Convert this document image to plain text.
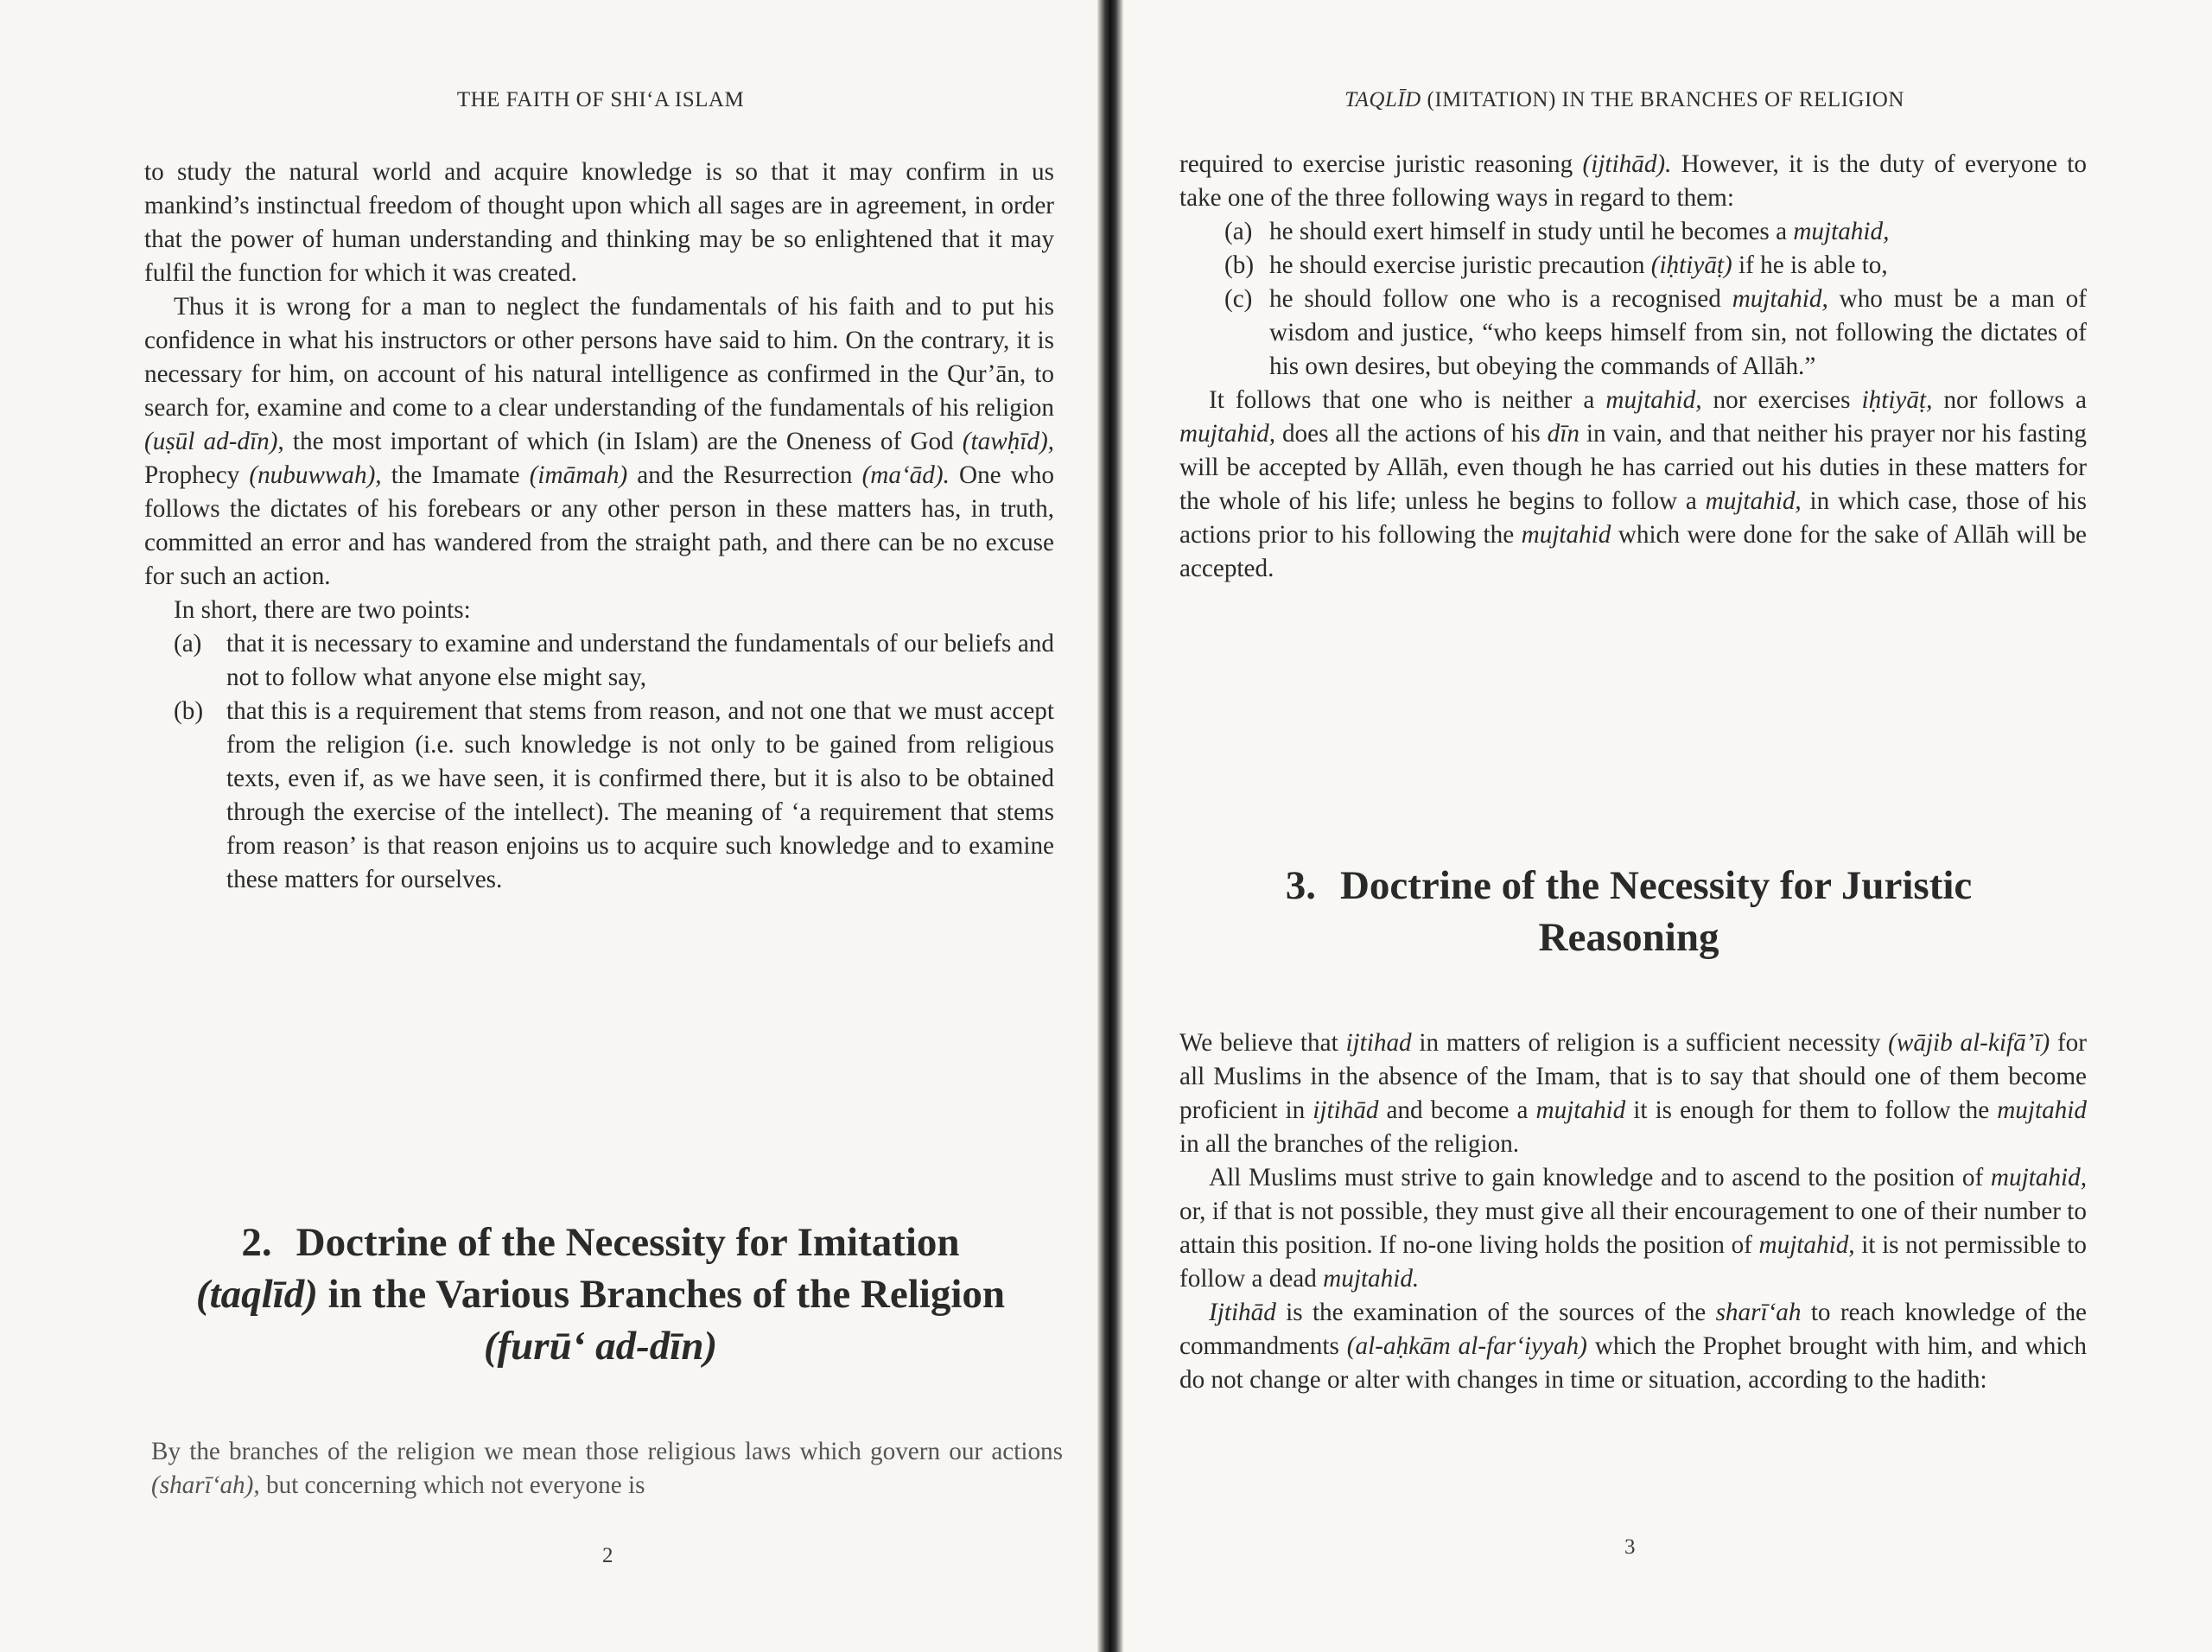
THE FAITH OF SHI‘A ISLAM

to study the natural world and acquire knowledge is so that it may confirm in us mankind’s instinctual freedom of thought upon which all sages are in agreement, in order that the power of human understanding and thinking may be so enlightened that it may fulfil the function for which it was created.

Thus it is wrong for a man to neglect the fundamentals of his faith and to put his confidence in what his instructors or other persons have said to him. On the contrary, it is necessary for him, on account of his natural intelligence as confirmed in the Qur’ān, to search for, examine and come to a clear understanding of the fundamentals of his religion (uṣūl ad-dīn), the most important of which (in Islam) are the Oneness of God (tawḥīd), Prophecy (nubuwwah), the Imamate (imāmah) and the Resurrection (ma‘ād). One who follows the dictates of his forebears or any other person in these matters has, in truth, committed an error and has wandered from the straight path, and there can be no excuse for such an action.

In short, there are two points:

(a) that it is necessary to examine and understand the fundamentals of our beliefs and not to follow what anyone else might say,
(b) that this is a requirement that stems from reason, and not one that we must accept from the religion (i.e. such knowledge is not only to be gained from religious texts, even if, as we have seen, it is confirmed there, but it is also to be obtained through the exercise of the intellect). The meaning of ‘a requirement that stems from reason’ is that reason enjoins us to acquire such knowledge and to examine these matters for ourselves.
2. Doctrine of the Necessity for Imitation
(taqlīd) in the Various Branches of the Religion
(furū‘ ad-dīn)

By the branches of the religion we mean those religious laws which govern our actions (sharī‘ah), but concerning which not everyone is

2
TAQLĪD (IMITATION) IN THE BRANCHES OF RELIGION

required to exercise juristic reasoning (ijtihād). However, it is the duty of everyone to take one of the three following ways in regard to them:

(a) he should exert himself in study until he becomes a mujtahid,
(b) he should exercise juristic precaution (iḥtiyāṭ) if he is able to,
(c) he should follow one who is a recognised mujtahid, who must be a man of wisdom and justice, “who keeps himself from sin, not following the dictates of his own desires, but obeying the commands of Allāh.”

It follows that one who is neither a mujtahid, nor exercises iḥtiyāṭ, nor follows a mujtahid, does all the actions of his dīn in vain, and that neither his prayer nor his fasting will be accepted by Allāh, even though he has carried out his duties in these matters for the whole of his life; unless he begins to follow a mujtahid, in which case, those of his actions prior to his following the mujtahid which were done for the sake of Allāh will be accepted.

3. Doctrine of the Necessity for Juristic
Reasoning

We believe that ijtihad in matters of religion is a sufficient necessity (wājib al-kifā’ī) for all Muslims in the absence of the Imam, that is to say that should one of them become proficient in ijtihād and become a mujtahid it is enough for them to follow the mujtahid in all the branches of the religion.

All Muslims must strive to gain knowledge and to ascend to the position of mujtahid, or, if that is not possible, they must give all their encouragement to one of their number to attain this position. If no-one living holds the position of mujtahid, it is not permissible to follow a dead mujtahid.

Ijtihād is the examination of the sources of the sharī‘ah to reach knowledge of the commandments (al-aḥkām al-far‘iyyah) which the Prophet brought with him, and which do not change or alter with changes in time or situation, according to the hadith:

3
